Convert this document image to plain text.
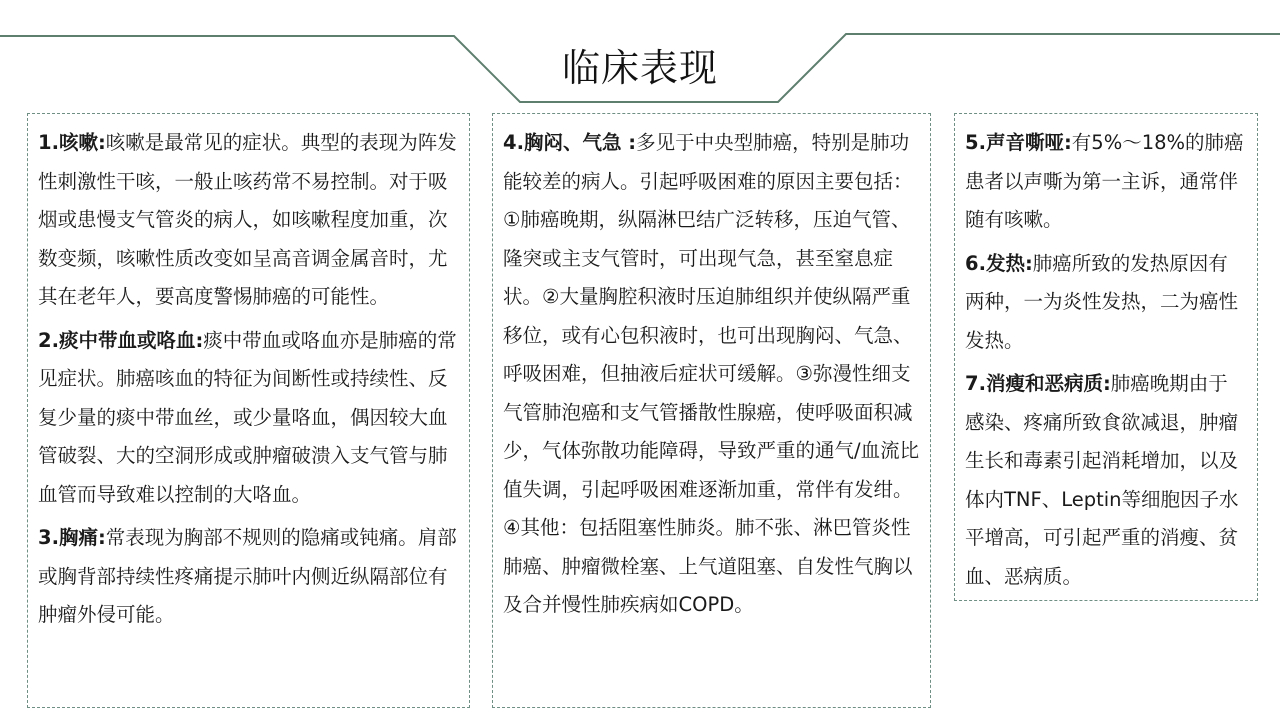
临床表现

1.咳嗽:咳嗽是最常见的症状。典型的表现为阵发性刺激性干咳，一般止咳药常不易控制。对于吸烟或患慢支气管炎的病人，如咳嗽程度加重，次数变频，咳嗽性质改变如呈高音调金属音时，尤其在老年人，要高度警惕肺癌的可能性。

2.痰中带血或咯血:痰中带血或咯血亦是肺癌的常见症状。肺癌咳血的特征为间断性或持续性、反复少量的痰中带血丝，或少量咯血，偶因较大血管破裂、大的空洞形成或肿瘤破溃入支气管与肺血管而导致难以控制的大咯血。

3.胸痛:常表现为胸部不规则的隐痛或钝痛。肩部或胸背部持续性疼痛提示肺叶内侧近纵隔部位有肿瘤外侵可能。

4.胸闷、气急 :多见于中央型肺癌，特别是肺功能较差的病人。引起呼吸困难的原因主要包括：①肺癌晚期，纵隔淋巴结广泛转移，压迫气管、隆突或主支气管时，可出现气急，甚至窒息症状。②大量胸腔积液时压迫肺组织并使纵隔严重移位，或有心包积液时，也可出现胸闷、气急、呼吸困难，但抽液后症状可缓解。③弥漫性细支气管肺泡癌和支气管播散性腺癌，使呼吸面积减少，气体弥散功能障碍，导致严重的通气/血流比值失调，引起呼吸困难逐渐加重，常伴有发绀。④其他：包括阻塞性肺炎。肺不张、淋巴管炎性肺癌、肿瘤微栓塞、上气道阻塞、自发性气胸以及合并慢性肺疾病如COPD。

5.声音嘶哑:有5%～18%的肺癌患者以声嘶为第一主诉，通常伴随有咳嗽。

6.发热:肺癌所致的发热原因有两种，一为炎性发热，二为癌性发热。

7.消瘦和恶病质:肺癌晚期由于感染、疼痛所致食欲减退，肿瘤生长和毒素引起消耗增加，以及体内TNF、Leptin等细胞因子水平增高，可引起严重的消瘦、贫血、恶病质。
